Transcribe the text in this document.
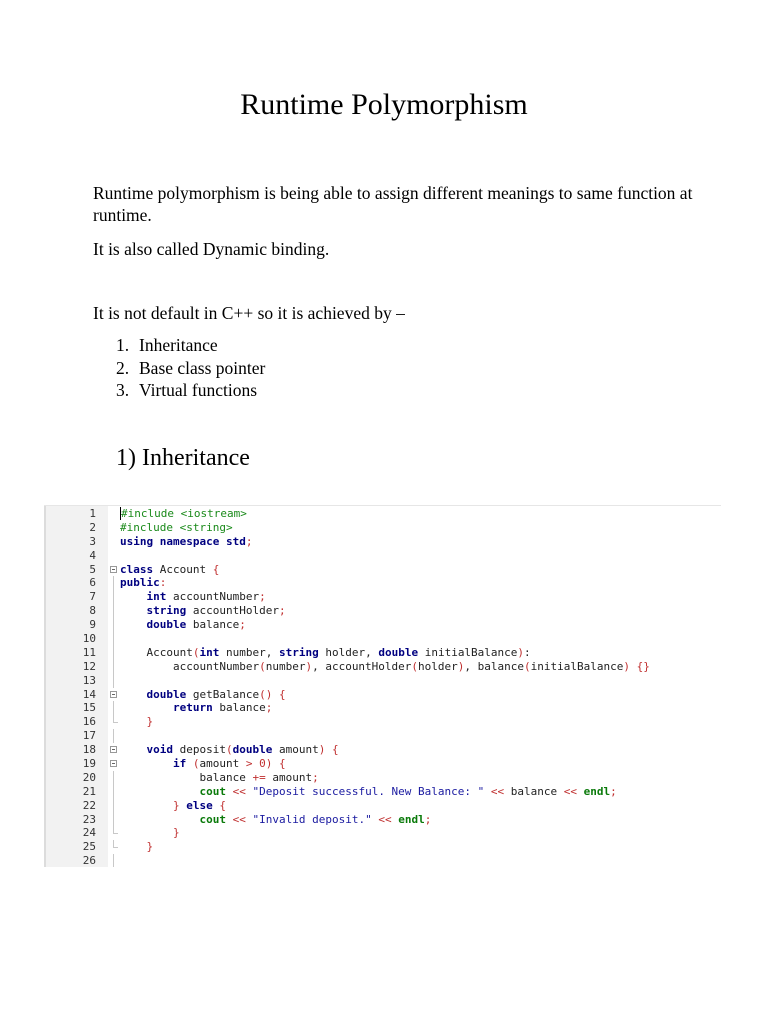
Runtime Polymorphism
Runtime polymorphism is being able to assign different meanings to same function at runtime.
It is also called Dynamic binding.
It is not default in C++ so it is achieved by –
1. Inheritance
2. Base class pointer
3. Virtual functions
1) Inheritance
1 #include <iostream>
2 #include <string>
3 using namespace std;
4
5 class Account {
6 public:
7	int accountNumber;
8	string accountHolder;
9	double balance;
10
11 Account(int number, string holder, double initialBalance):
12 accountNumber(number), accountHolder(holder), balance(initialBalance) {}
13
14	double getBalance() {
15	return balance;
16	}
17
18	void deposit(double amount) {
19	if (amount > 0) {
20 balance += amount;
21	cout << "Deposit successful. New Balance: " << balance << endl;
22	} else {
23	cout << "Invalid deposit." << endl;
24	}
25	}
26
